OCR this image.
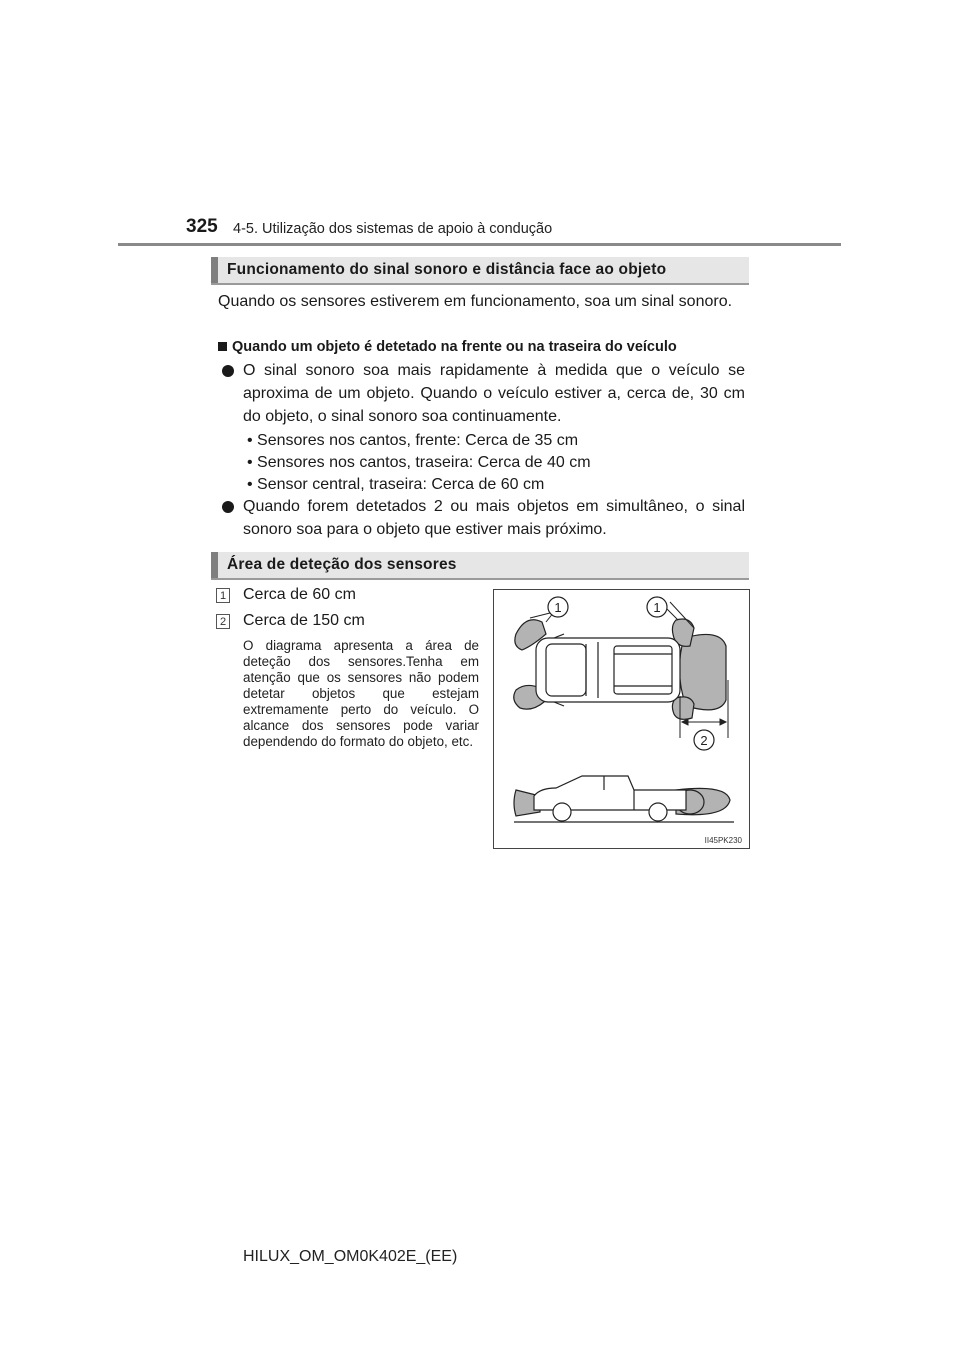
325 4-5. Utilização dos sistemas de apoio à condução
Funcionamento do sinal sonoro e distância face ao objeto
Quando os sensores estiverem em funcionamento, soa um sinal sonoro.
Quando um objeto é detetado na frente ou na traseira do veículo
O sinal sonoro soa mais rapidamente à medida que o veículo se aproxima de um objeto. Quando o veículo estiver a, cerca de, 30 cm do objeto, o sinal sonoro soa continuamente.
• Sensores nos cantos, frente: Cerca de 35 cm
• Sensores nos cantos, traseira: Cerca de 40 cm
• Sensor central, traseira: Cerca de 60 cm
Quando forem detetados 2 ou mais objetos em simultâneo, o sinal sonoro soa para o objeto que estiver mais próximo.
Área de deteção dos sensores
1 Cerca de 60 cm
2 Cerca de 150 cm
O diagrama apresenta a área de deteção dos sensores.Tenha em atenção que os sensores não podem detetar objetos que estejam extremamente perto do veículo. O alcance dos sensores pode variar dependendo do formato do objeto, etc.
1	1
2
II45PK230
HILUX_OM_OM0K402E_(EE)
